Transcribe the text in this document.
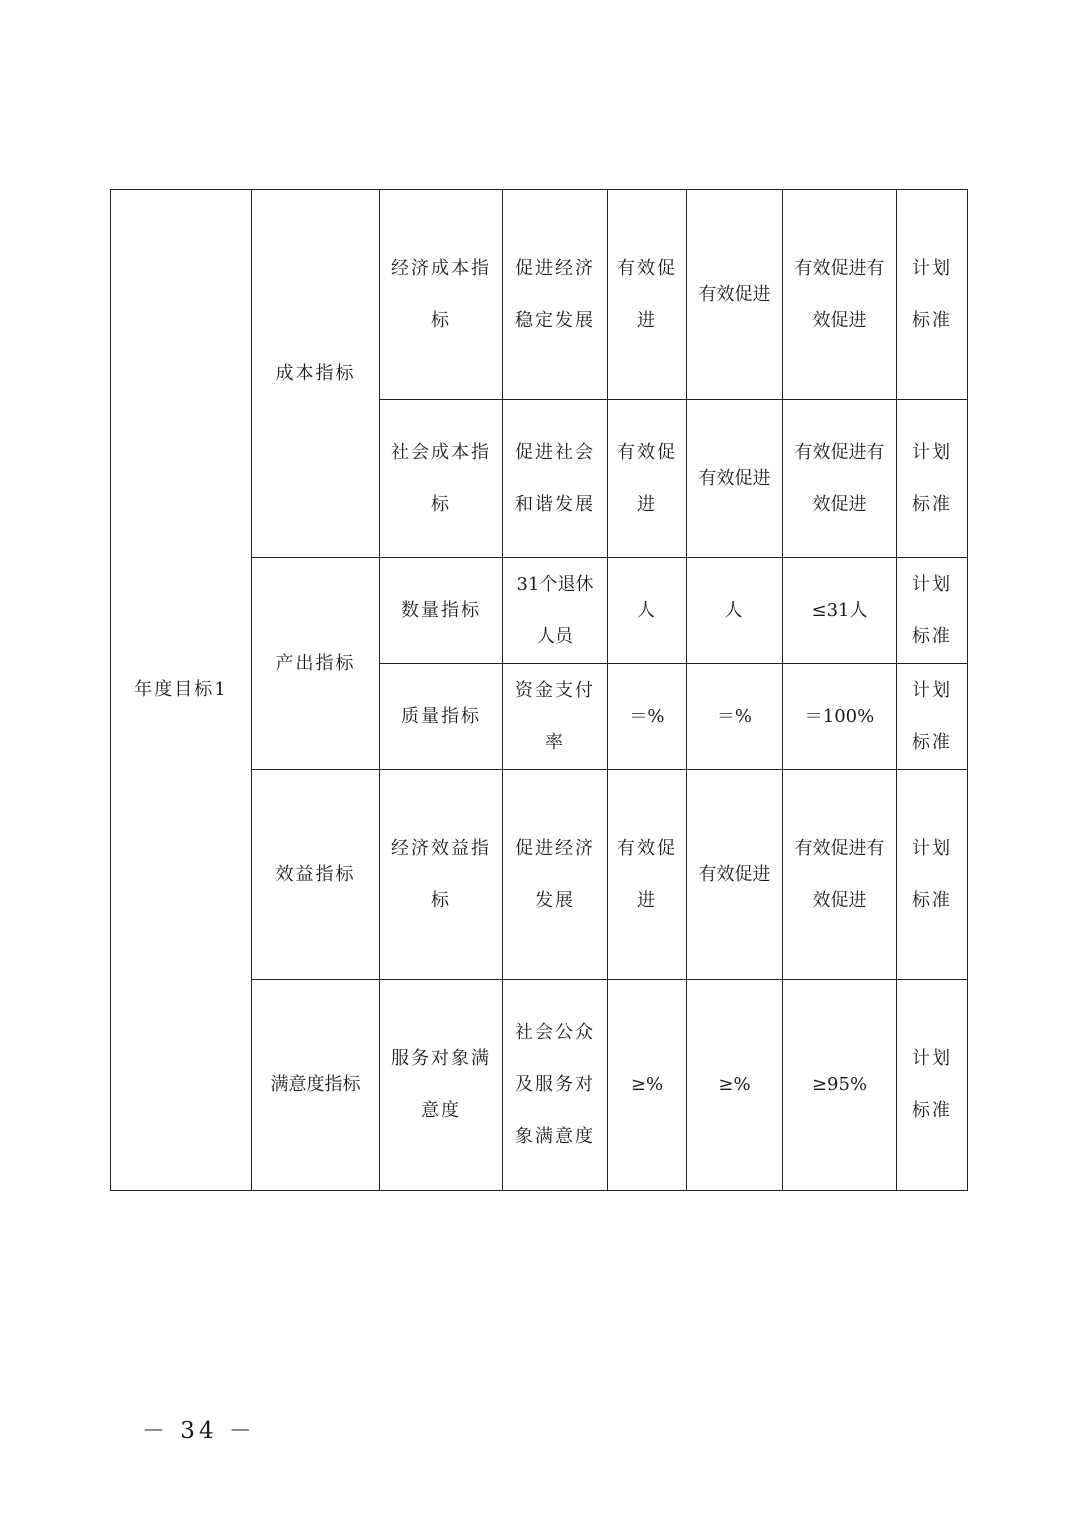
年度目标1	成本指标	经济成本指标	促进经济稳定发展	有效促进	有效促进	有效促进有效促进	计划标准
		社会成本指标	促进社会和谐发展	有效促进	有效促进	有效促进有效促进	计划标准
	产出指标	数量指标	31个退休人员	人	人	≤31人	计划标准
		质量指标	资金支付率	＝%	＝%	＝100%	计划标准
	效益指标	经济效益指标	促进经济发展	有效促进	有效促进	有效促进有效促进	计划标准
	满意度指标	服务对象满意度	社会公众及服务对象满意度	≥%	≥%	≥95%	计划标准
－ 34 －
